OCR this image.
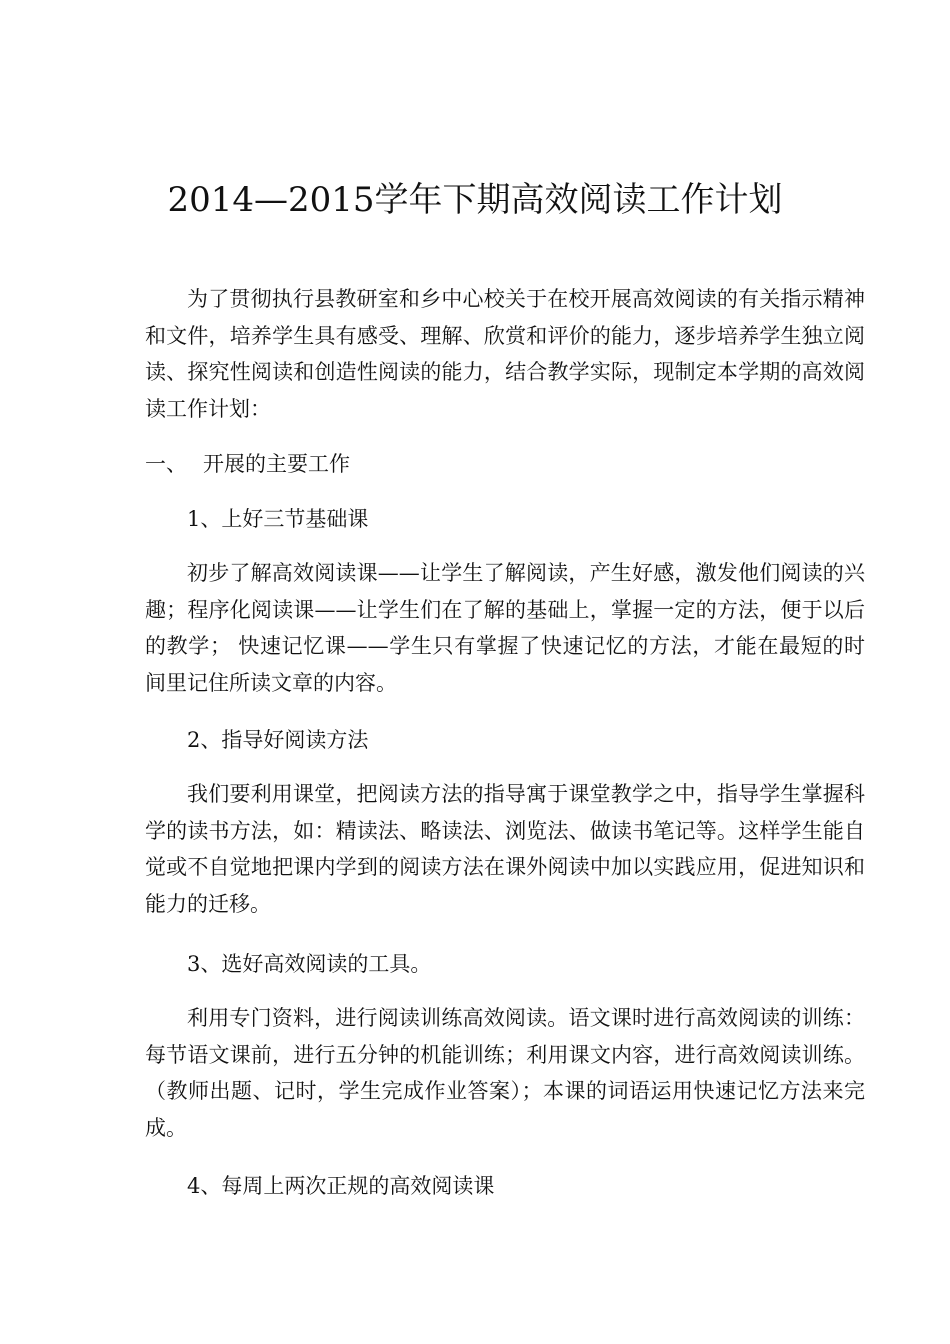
2014—2015学年下期高效阅读工作计划

为了贯彻执行县教研室和乡中心校关于在校开展高效阅读的有关指示精神和文件，培养学生具有感受、理解、欣赏和评价的能力，逐步培养学生独立阅读、探究性阅读和创造性阅读的能力，结合教学实际，现制定本学期的高效阅读工作计划：

一、 开展的主要工作
1、上好三节基础课

初步了解高效阅读课——让学生了解阅读，产生好感，激发他们阅读的兴趣；程序化阅读课——让学生们在了解的基础上，掌握一定的方法，便于以后的教学； 快速记忆课——学生只有掌握了快速记忆的方法，才能在最短的时间里记住所读文章的内容。

2、指导好阅读方法

我们要利用课堂，把阅读方法的指导寓于课堂教学之中，指导学生掌握科学的读书方法，如：精读法、略读法、浏览法、做读书笔记等。这样学生能自觉或不自觉地把课内学到的阅读方法在课外阅读中加以实践应用，促进知识和能力的迁移。

3、选好高效阅读的工具。

利用专门资料，进行阅读训练高效阅读。语文课时进行高效阅读的训练：每节语文课前，进行五分钟的机能训练；利用课文内容，进行高效阅读训练。（教师出题、记时，学生完成作业答案）；本课的词语运用快速记忆方法来完成。

4、每周上两次正规的高效阅读课
